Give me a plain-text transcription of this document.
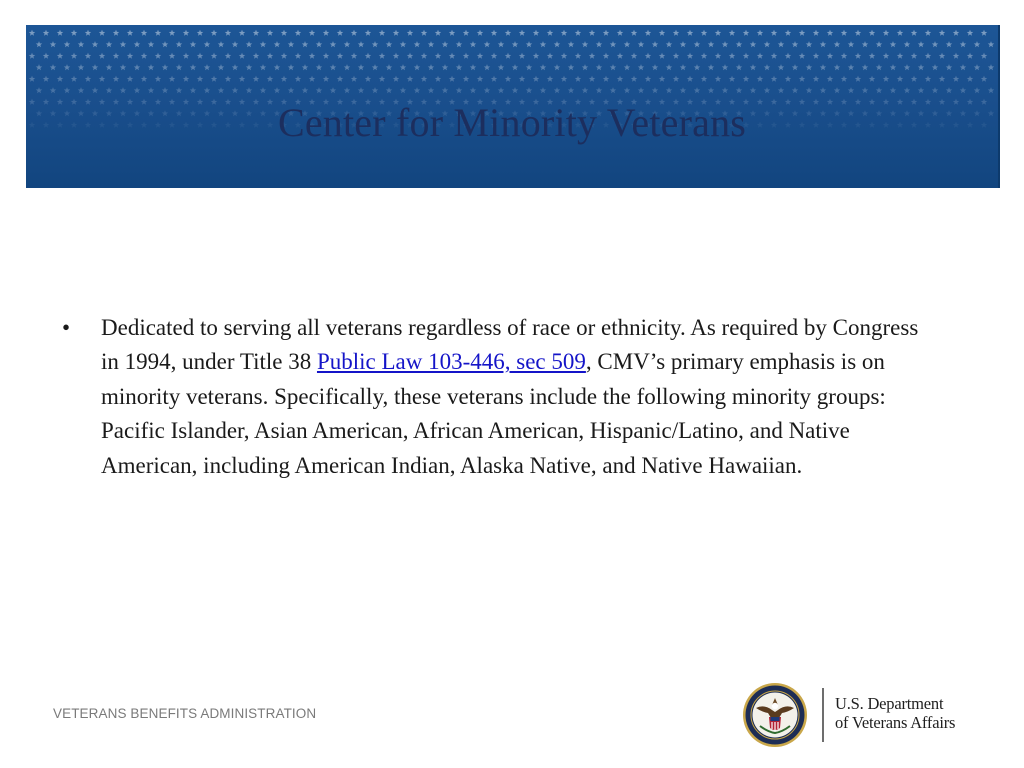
Center for Minority Veterans
• Dedicated to serving all veterans regardless of race or ethnicity. As required by Congress in 1994, under Title 38 Public Law 103-446, sec 509, CMV’s primary emphasis is on minority veterans. Specifically, these veterans include the following minority groups: Pacific Islander, Asian American, African American, Hispanic/Latino, and Native American, including American Indian, Alaska Native, and Native Hawaiian.
VETERANS BENEFITS ADMINISTRATION
U.S. Department
of Veterans Affairs
